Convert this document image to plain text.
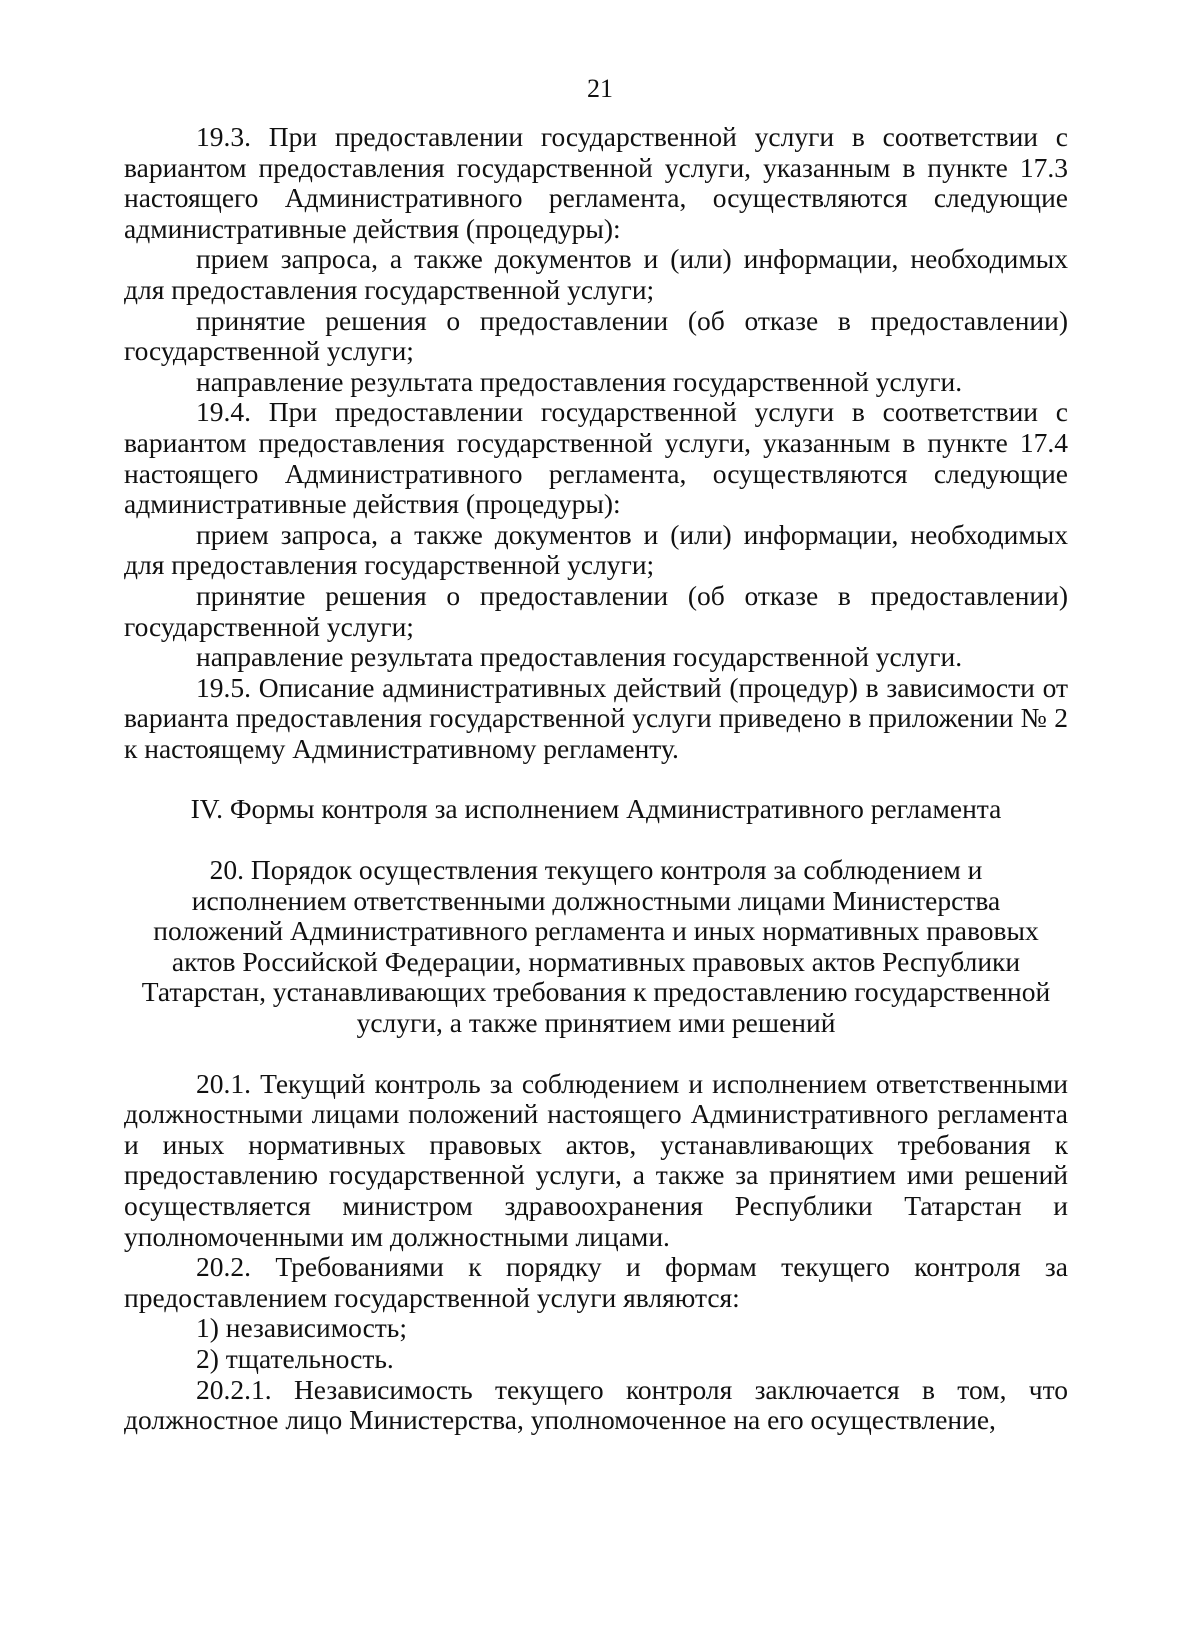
21

19.3. При предоставлении государственной услуги в соответствии с вариантом предоставления государственной услуги, указанным в пункте 17.3 настоящего Административного регламента, осуществляются следующие административные действия (процедуры):

прием запроса, а также документов и (или) информации, необходимых для предоставления государственной услуги;

принятие решения о предоставлении (об отказе в предоставлении) государственной услуги;

направление результата предоставления государственной услуги.

19.4. При предоставлении государственной услуги в соответствии с вариантом предоставления государственной услуги, указанным в пункте 17.4 настоящего Административного регламента, осуществляются следующие административные действия (процедуры):

прием запроса, а также документов и (или) информации, необходимых для предоставления государственной услуги;

принятие решения о предоставлении (об отказе в предоставлении) государственной услуги;

направление результата предоставления государственной услуги.

19.5. Описание административных действий (процедур) в зависимости от варианта предоставления государственной услуги приведено в приложении № 2 к настоящему Административному регламенту.

IV. Формы контроля за исполнением Административного регламента

20. Порядок осуществления текущего контроля за соблюдением и исполнением ответственными должностными лицами Министерства положений Административного регламента и иных нормативных правовых актов Российской Федерации, нормативных правовых актов Республики Татарстан, устанавливающих требования к предоставлению государственной услуги, а также принятием ими решений

20.1. Текущий контроль за соблюдением и исполнением ответственными должностными лицами положений настоящего Административного регламента и иных нормативных правовых актов, устанавливающих требования к предоставлению государственной услуги, а также за принятием ими решений осуществляется министром здравоохранения Республики Татарстан и уполномоченными им должностными лицами.

20.2. Требованиями к порядку и формам текущего контроля за предоставлением государственной услуги являются:

1) независимость;

2) тщательность.

20.2.1. Независимость текущего контроля заключается в том, что должностное лицо Министерства, уполномоченное на его осуществление,
